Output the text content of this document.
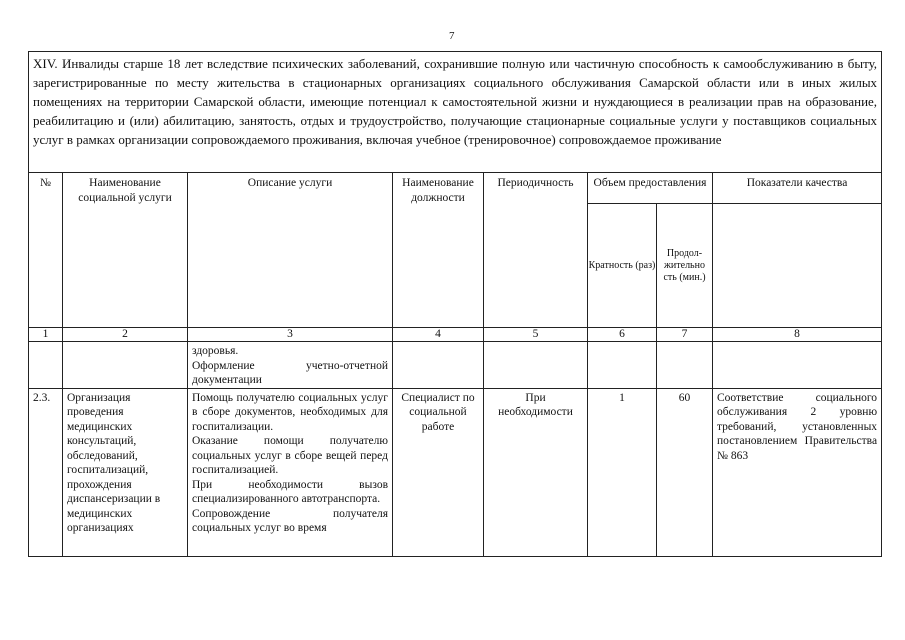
7
XIV. Инвалиды старше 18 лет вследствие психических заболеваний, сохранившие полную или частичную способность к самообслуживанию в быту, зарегистрированные по месту жительства в стационарных организациях социального обслуживания Самарской области или в иных жилых помещениях на территории Самарской области, имеющие потенциал к самостоятельной жизни и нуждающиеся в реализации прав на образование, реабилитацию и (или) абилитацию, занятость, отдых и трудоустройство, получающие стационарные социальные услуги у поставщиков социальных услуг в рамках организации сопровождаемого проживания, включая учебное (тренировочное) сопровождаемое проживание							
№	Наименование социальной услуги	Описание услуги	Наименование должности	Периодичность	Объем предоставления		Показатели качества
					Кратность (раз)	Продол-жительность (мин.)	
1	2	3	4	5	6	7	8

		здоровья.
Оформление учетно-отчетной документации					

2.3.	Организация проведения медицинских консультаций, обследований, госпитализаций, прохождения диспансеризации в медицинских организациях	Помощь получателю социальных услуг в сборе документов, необходимых для госпитализации.
Оказание помощи получателю социальных услуг в сборе вещей перед госпитализацией.
При необходимости вызов специализированного автотранспорта.
Сопровождение получателя социальных услуг во время	Специалист по социальной работе	При необходимости	1	60	Соответствие социального обслуживания 2 уровню требований, установленных постановлением Правительства № 863
